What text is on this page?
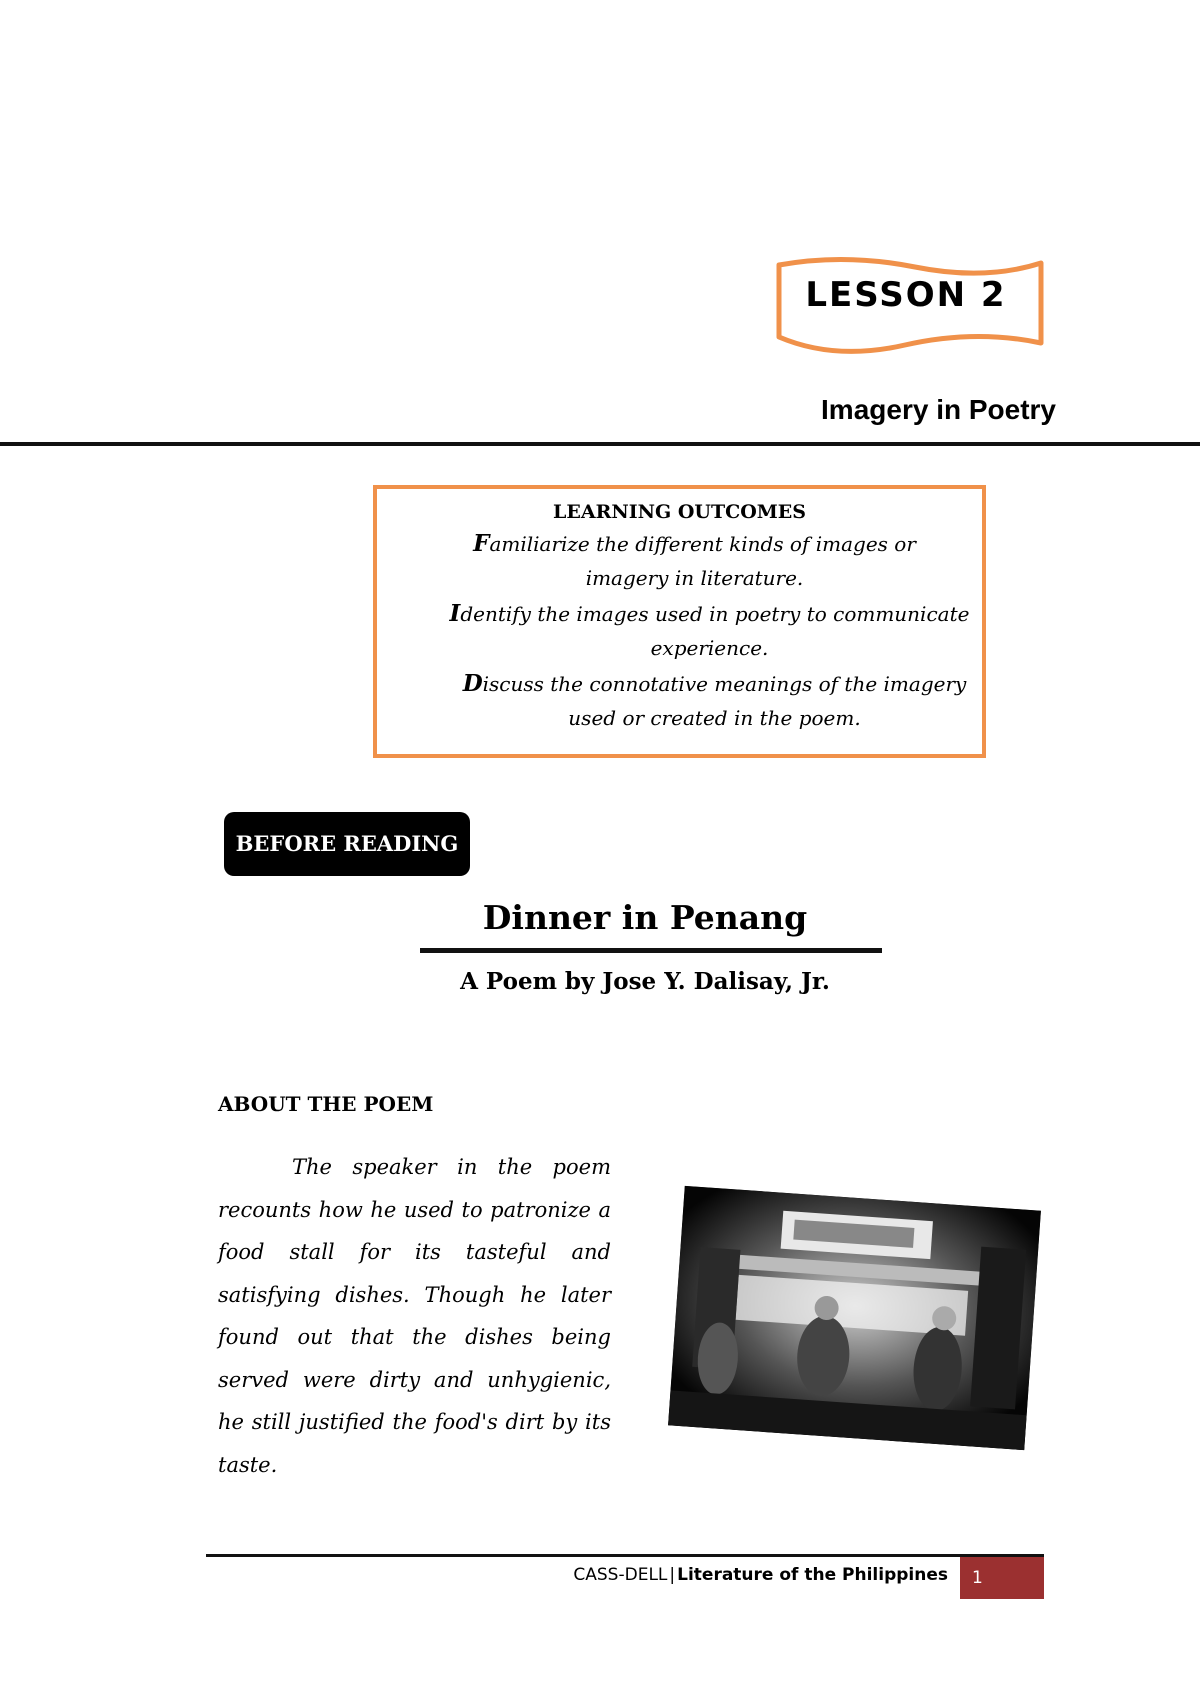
LESSON 2
Imagery in Poetry
LEARNING OUTCOMES
Familiarize the different kinds of images or imagery in literature.
Identify the images used in poetry to communicate experience.
Discuss the connotative meanings of the imagery used or created in the poem.
BEFORE READING
Dinner in Penang
A Poem by Jose Y. Dalisay, Jr.
ABOUT THE POEM

The speaker in the poem recounts how he used to patronize a food stall for its tasteful and satisfying dishes. Though he later found out that the dishes being served were dirty and unhygienic, he still justified the food's dirt by its taste.

CASS-DELL | Literature of the Philippines	1
